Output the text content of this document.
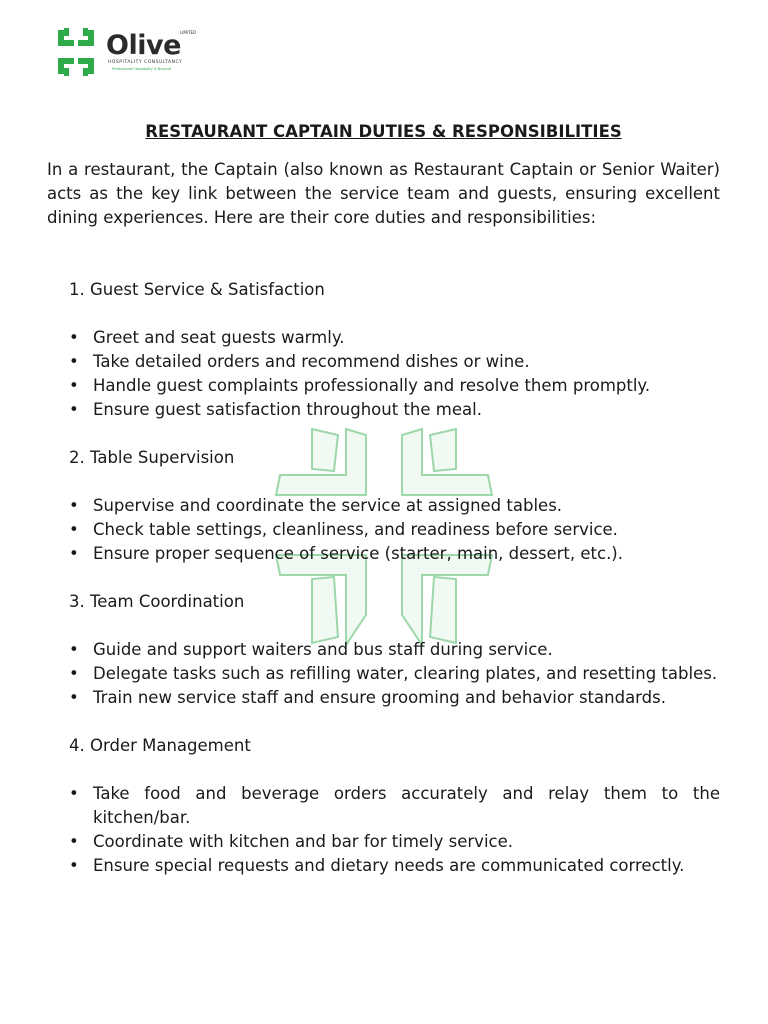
Olive LIMITED
HOSPITALITY CONSULTANCY
Professional Hospitality & Beyond

RESTAURANT CAPTAIN DUTIES & RESPONSIBILITIES

In a restaurant, the Captain (also known as Restaurant Captain or Senior Waiter) acts as the key link between the service team and guests, ensuring excellent dining experiences. Here are their core duties and responsibilities:

1. Guest Service & Satisfaction

• Greet and seat guests warmly.
• Take detailed orders and recommend dishes or wine.
• Handle guest complaints professionally and resolve them promptly.
• Ensure guest satisfaction throughout the meal.

2. Table Supervision

• Supervise and coordinate the service at assigned tables.
• Check table settings, cleanliness, and readiness before service.
• Ensure proper sequence of service (starter, main, dessert, etc.).

3. Team Coordination

• Guide and support waiters and bus staff during service.
• Delegate tasks such as refilling water, clearing plates, and resetting tables.
• Train new service staff and ensure grooming and behavior standards.

4. Order Management

• Take food and beverage orders accurately and relay them to the kitchen/bar.
• Coordinate with kitchen and bar for timely service.
• Ensure special requests and dietary needs are communicated correctly.
